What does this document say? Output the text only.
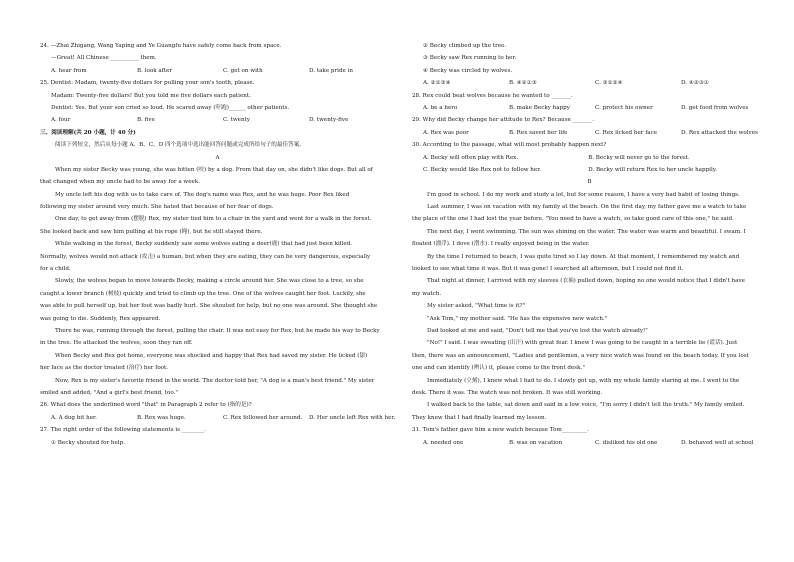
24. —Zhai Zhigang, Wang Yaping and Ye Guangfu have safely come back from space.
—Great! All Chinese __________ them.
A. hear from	B. look after	C. get on with	D. take pride in
25. Dentist: Madam, twenty-five dollars for pulling your son's tooth, please.
Madam: Twenty-five dollars! But you told me five dollars each patient.
Dentist: Yes. But your son cried so loud. He scared away (吓跑)______ other patients.
A. four	B. five	C. twenty	D. twenty-five
三、阅读理解(共 20 小题，计 40 分)
阅读下列短文，然后从每小题 A、B、C、D 四个选项中选出能回答问题或完成所给句子的最佳答案。
A
When my sister Becky was young, she was bitten (咬) by a dog. From that day on, she didn't like dogs. But all of
that changed when my uncle had to be away for a week.
My uncle left his dog with us to take care of. The dog's name was Rex, and he was huge. Poor Rex liked
following my sister around very much. She hated that because of her fear of dogs.
One day, to get away from (摆脱) Rex, my sister tied him to a chair in the yard and went for a walk in the forest.
She looked back and saw him pulling at his rope (绳), but he still stayed there.
While walking in the forest, Becky suddenly saw some wolves eating a deer(鹿) that had just been killed.
Normally, wolves would not attack (攻击) a human, but when they are eating, they can be very dangerous, especially
for a child.
Slowly, the wolves began to move towards Becky, making a circle around her. She was close to a tree, so she
caught a lower branch (树枝) quickly and tried to climb up the tree. One of the wolves caught her foot. Luckily, she
was able to pull herself up, but her foot was badly hurt. She shouted for help, but no one was around. She thought she
was going to die. Suddenly, Rex appeared.
There he was, running through the forest, pulling the chair. It was not easy for Rex, but he made his way to Becky
in the tree. He attacked the wolves, soon they ran off.
When Becky and Rex got home, everyone was shocked and happy that Rex had saved my sister. He licked (舔)
her face as the doctor treated (治疗) her foot.
Now, Rex is my sister's favorite friend in the world. The doctor told her, "A dog is a man's best friend." My sister
smiled and added, "And a girl's best friend, too."
26. What does the underlined word "that" in Paragraph 2 refer to (指的是)?
A. A dog bit her.	B. Rex was huge.	C. Rex followed her around.	D. Her uncle left Rex with her.
27. The right order of the following statements is ________.
① Becky shouted for help.
② Becky climbed up the tree.
③ Becky saw Rex running to her.
④ Becky was circled by wolves.
A. ②①③④	B. ④②①③	C. ③①②④	D. ④②③①
28. Rex could beat wolves because he wanted to _______.
A. be a hero	B. make Becky happy	C. protect his owner	D. get food from wolves
29. Why did Becky change her attitude to Rex? Because _______.
A. Rex was poor	B. Rex saved her life	C. Rex licked her face	D. Rex attacked the wolves
30. According to the passage, what will most probably happen next?
A. Becky will often play with Rex.	B. Becky will never go to the forest.
C. Becky would like Rex not to follow her.	D. Becky will return Rex to her uncle happily.
B
I'm good in school. I do my work and study a lot, but for some reason, I have a very bad habit of losing things.
Last summer, I was on vacation with my family at the beach. On the first day, my father gave me a watch to take
the place of the one I had lost the year before. "You need to have a watch, so take good care of this one," he said.
The next day, I went swimming. The sun was shining on the water. The water was warm and beautiful. I swam. I
floated (漂浮). I dove (潜水). I really enjoyed being in the water.
By the time I returned to beach, I was quite tired so I lay down. At that moment, I remembered my watch and
looked to see what time it was. But it was gone! I searched all afternoon, but I could not find it.
That night at dinner, I arrived with my sleeves (衣袖) pulled down, hoping no one would notice that I didn't have
my watch.
My sister asked, "What time is it?"
"Ask Tom," my mother said. "He has the expensive new watch."
Dad looked at me and said, "Don't tell me that you've lost the watch already!"
"No!" I said. I was sweating (出汗) with great fear. I knew I was going to be caught in a terrible lie (谎话). Just
then, there was an announcement, "Ladies and gentlemen, a very nice watch was found on the beach today. If you lost
one and can identify (辨认) it, please come to the front desk."
Immediately (立刻), I knew what I had to do. I slowly got up, with my whole family staring at me. I went to the
desk. There it was. The watch was not broken. It was still working.
I walked back to the table, sat down and said in a low voice, "I'm sorry I didn't tell the truth." My family smiled.
They knew that I had finally learned my lesson.
31. Tom's father gave him a new watch because Tom_________.
A. needed one	B. was on vacation	C. disliked his old one	D. behaved well at school
